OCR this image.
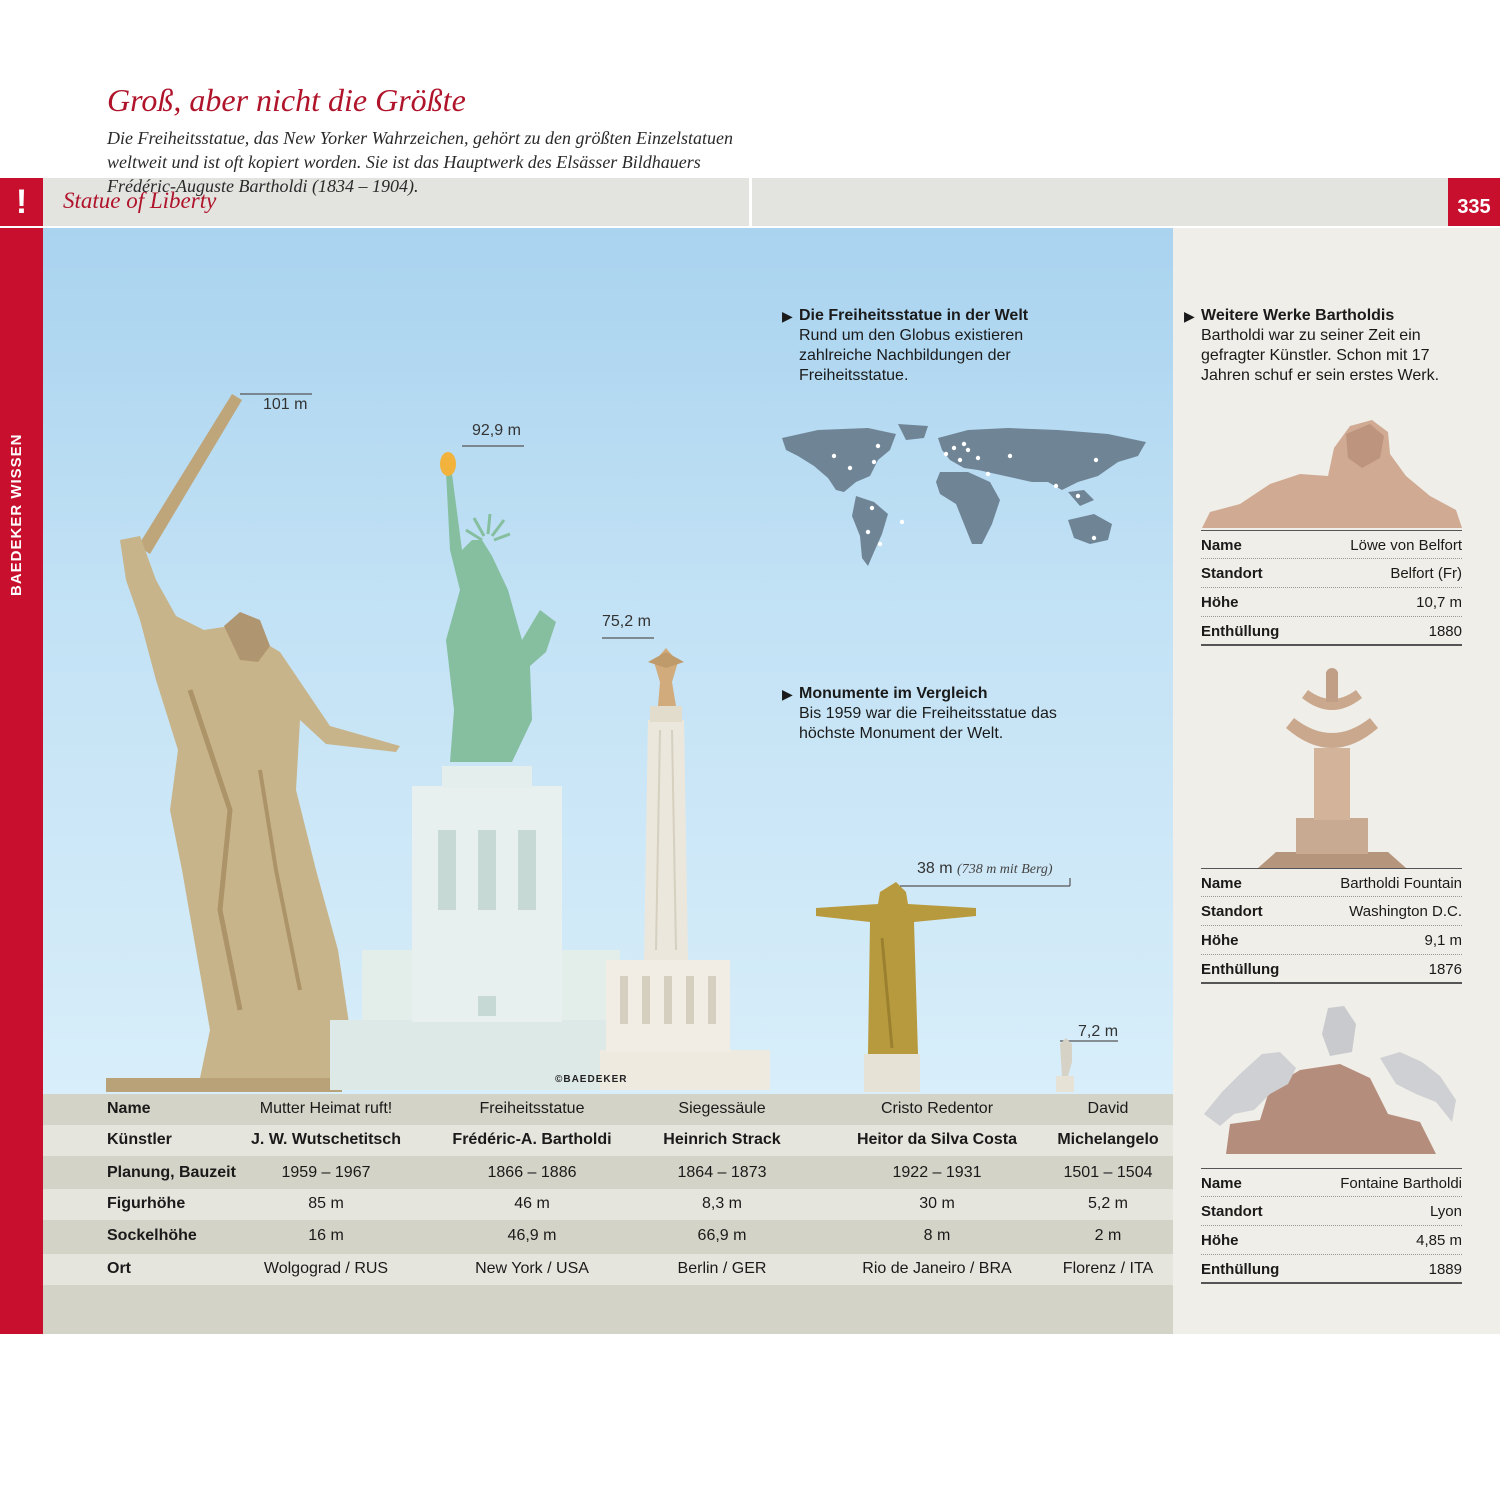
!
BAEDEKER WISSEN
Statue of Liberty	335
Groß, aber nicht die Größte
Die Freiheitsstatue, das New Yorker Wahrzeichen, gehört zu den größten Einzelstatuen weltweit und ist oft kopiert worden. Sie ist das Hauptwerk des Elsässer Bildhauers Frédéric-Auguste Bartholdi (1834 – 1904).
▶ Die Freiheitsstatue in der Welt
Rund um den Globus existieren zahlreiche Nachbildungen der Freiheitsstatue.
▶ Monumente im Vergleich
Bis 1959 war die Freiheitsstatue das höchste Monument der Welt.
▶ Weitere Werke Bartholdis
Bartholdi war zu seiner Zeit ein gefragter Künstler. Schon mit 17 Jahren schuf er sein erstes Werk.
101 m
92,9 m
75,2 m
38 m (738 m mit Berg)
7,2 m
©BAEDEKER
Name	Mutter Heimat ruft!	Freiheitsstatue	Siegessäule	Cristo Redentor	David
Künstler	J. W. Wutschetitsch	Frédéric-A. Bartholdi	Heinrich Strack	Heitor da Silva Costa	Michelangelo
Planung, Bauzeit	1959 – 1967	1866 – 1886	1864 – 1873	1922 – 1931	1501 – 1504
Figurhöhe	85 m	46 m	8,3 m	30 m	5,2 m
Sockelhöhe	16 m	46,9 m	66,9 m	8 m	2 m
Ort	Wolgograd / RUS	New York / USA	Berlin / GER	Rio de Janeiro / BRA	Florenz / ITA
Name	Löwe von Belfort
Standort	Belfort (Fr)
Höhe	10,7 m
Enthüllung	1880
Name	Bartholdi Fountain
Standort	Washington D.C.
Höhe	9,1 m
Enthüllung	1876
Name	Fontaine Bartholdi
Standort	Lyon
Höhe	4,85 m
Enthüllung	1889
